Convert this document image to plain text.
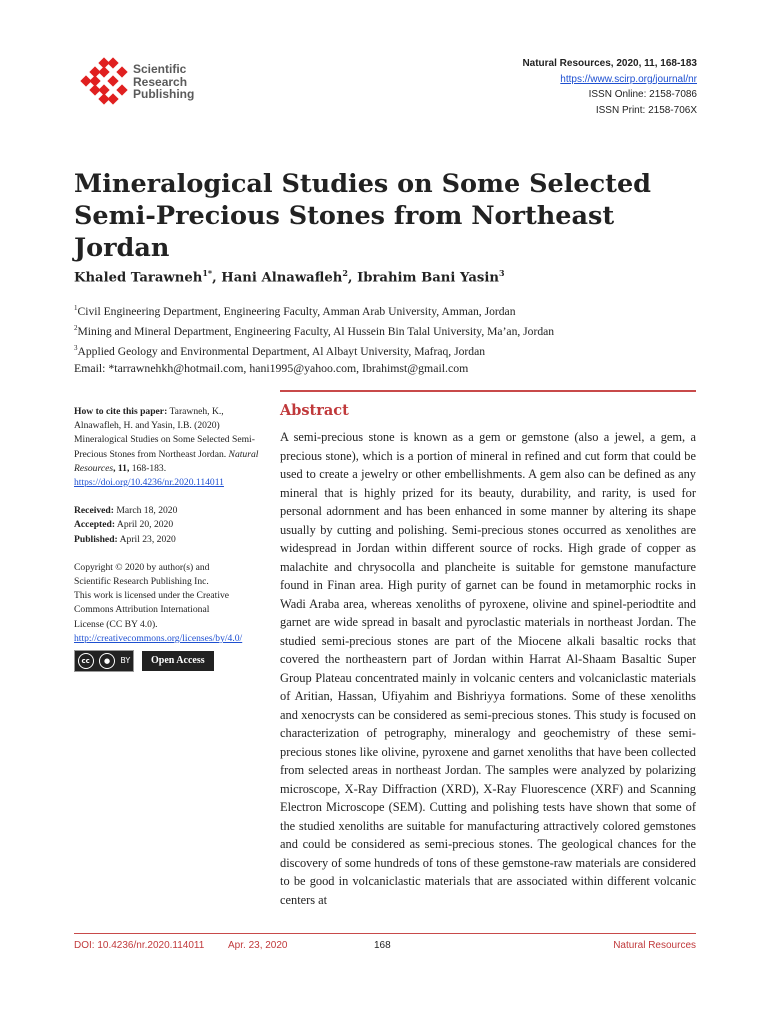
Scientific
Research
Publishing
Natural Resources, 2020, 11, 168-183
https://www.scirp.org/journal/nr
ISSN Online: 2158-7086
ISSN Print: 2158-706X
Mineralogical Studies on Some Selected
Semi-Precious Stones from Northeast Jordan
Khaled Tarawneh$^{1*}$, Hani Alnawafleh$^2$, Ibrahim Bani Yasin$^3$
$^1$Civil Engineering Department, Engineering Faculty, Amman Arab University, Amman, Jordan
$^2$Mining and Mineral Department, Engineering Faculty, Al Hussein Bin Talal University, Ma’an, Jordan
$^3$Applied Geology and Environmental Department, Al Albayt University, Mafraq, Jordan
Email: *tarrawnehkh@hotmail.com, hani1995@yahoo.com, Ibrahimst@gmail.com
How to cite this paper: Tarawneh, K., Alnawafleh, H. and Yasin, I.B. (2020) Mineralogical Studies on Some Selected Semi-Precious Stones from Northeast Jordan. Natural Resources, 11, 168-183.
https://doi.org/10.4236/nr.2020.114011
Received: March 18, 2020
Accepted: April 20, 2020
Published: April 23, 2020
Copyright © 2020 by author(s) and
Scientific Research Publishing Inc.
This work is licensed under the Creative
Commons Attribution International
License (CC BY 4.0).
http://creativecommons.org/licenses/by/4.0/
cc	●	BY	Open Access
Abstract
A semi-precious stone is known as a gem or gemstone (also a jewel, a gem, a precious stone), which is a portion of mineral in refined and cut form that could be used to create a jewelry or other embellishments. A gem also can be defined as any mineral that is highly prized for its beauty, durability, and rarity, is used for personal adornment and has been enhanced in some manner by altering its shape usually by cutting and polishing. Semi-precious stones occurred as xenolithes are widespread in Jordan within different source of rocks. High grade of copper as malachite and chrysocolla and plancheite is suitable for gemstone manufacture found in Finan area. High purity of garnet can be found in metamorphic rocks in Wadi Araba area, whereas xenoliths of pyroxene, olivine and spinel-periodtite and garnet are wide spread in basalt and pyroclastic materials in northeast Jordan. The studied semi-precious stones are part of the Miocene alkali basaltic rocks that covered the northeastern part of Jordan within Harrat Al-Shaam Basaltic Super Group Plateau concentrated mainly in volcanic centers and volcaniclastic materials of Aritian, Hassan, Ufiyahim and Bishriyya formations. Some of these xenoliths and xenocrysts can be considered as semi-precious stones. This study is focused on characterization of petrography, mineralogy and geochemistry of these semi-precious stones like olivine, pyroxene and garnet xenoliths that have been collected from selected areas in northeast Jordan. The samples were analyzed by polarizing microscope, X-Ray Diffraction (XRD), X-Ray Fluorescence (XRF) and Scanning Electron Microscope (SEM). Cutting and polishing tests have shown that some of the studied xenoliths are suitable for manufacturing attractively colored gemstones and could be considered as semi-precious stones. The geological chances for the discovery of some hundreds of tons of these gemstone-raw materials are considered to be good in volcaniclastic materials that are associated within different volcanic centers at
DOI: 10.4236/nr.2020.114011 Apr. 23, 2020	168	Natural Resources
